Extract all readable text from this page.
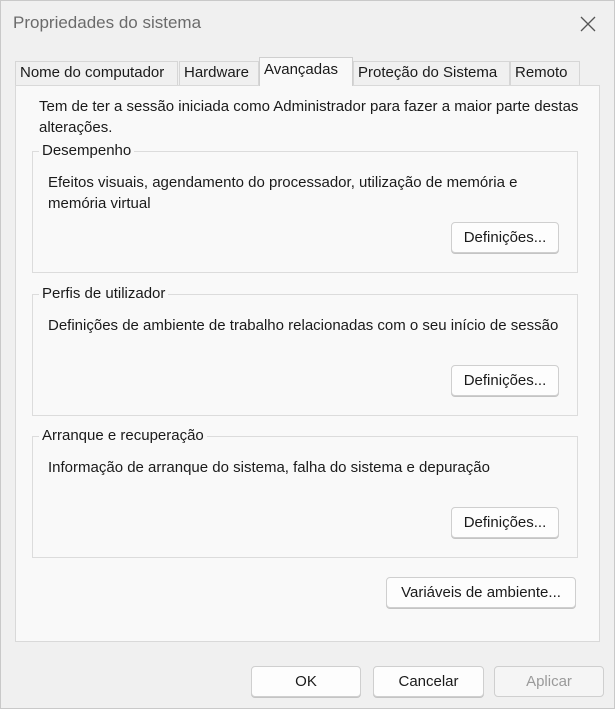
Propriedades do sistema
Nome do computador	Hardware Avançadas	Proteção do Sistema	Remoto
Tem de ter a sessão iniciada como Administrador para fazer a maior parte destas alterações.
Desempenho
Efeitos visuais, agendamento do processador, utilização de memória e memória virtual
Definições...
Perfis de utilizador
Definições de ambiente de trabalho relacionadas com o seu início de sessão
Definições...
Arranque e recuperação
Informação de arranque do sistema, falha do sistema e depuração
Definições...
Variáveis de ambiente...
OK	Cancelar	Aplicar
